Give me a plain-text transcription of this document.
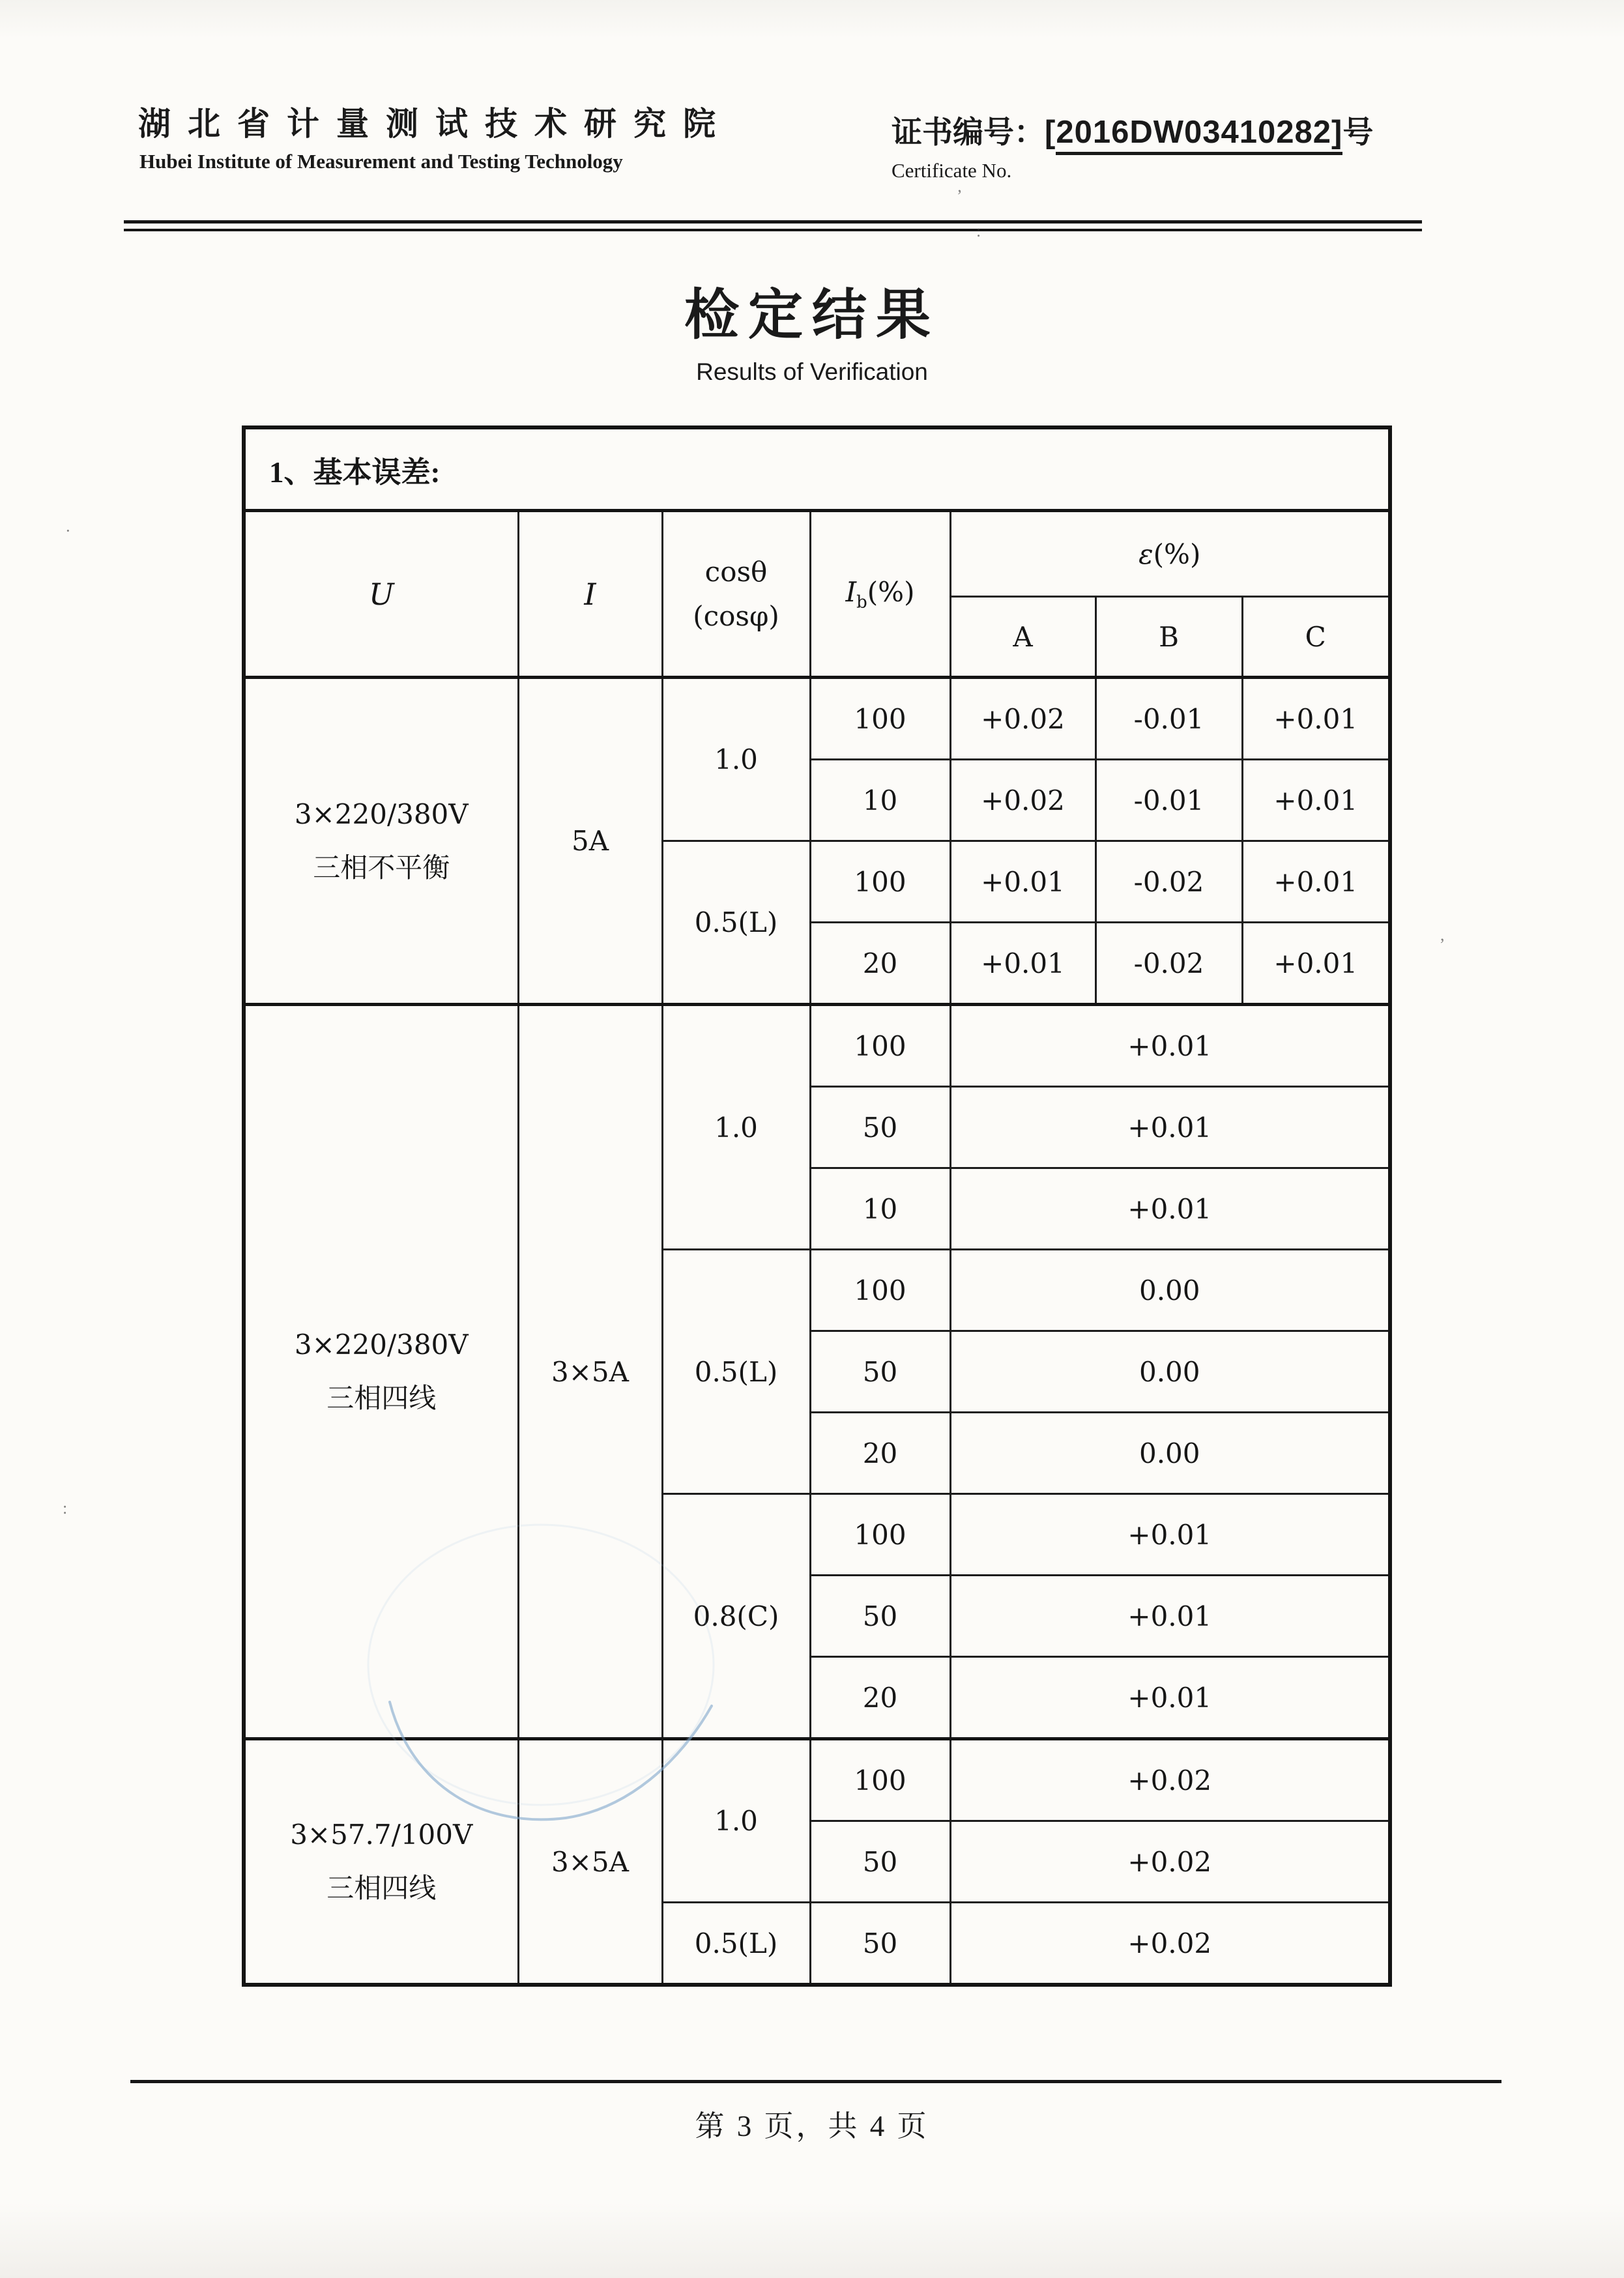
湖北省计量测试技术研究院
Hubei Institute of Measurement and Testing Technology
证书编号：[2016DW03410282]号
Certificate No.
检定结果
Results of Verification
1、基本误差:						
U	I	cosθ
(cosφ)	$I_b(\%)$	ε(%)		
				A	B	C

3×220/380V
三相不平衡	5A	1.0	100	+0.02	-0.01	+0.01
			10	+0.02	-0.01	+0.01
		0.5(L)	100	+0.01	-0.02	+0.01
			20	+0.01	-0.02	+0.01

3×220/380V
三相四线	3×5A	1.0	100	+0.01		
			50	+0.01		
			10	+0.01		
		0.5(L)	100	0.00		
			50	0.00		
			20	0.00		
		0.8(C)	100	+0.01		
			50	+0.01		
			20	+0.01		

3×57.7/100V
三相四线	3×5A	1.0	100	+0.02		
			50	+0.02		
		0.5(L)	50	+0.02		
’
:
,
·
:
第 3 页，共 4 页
